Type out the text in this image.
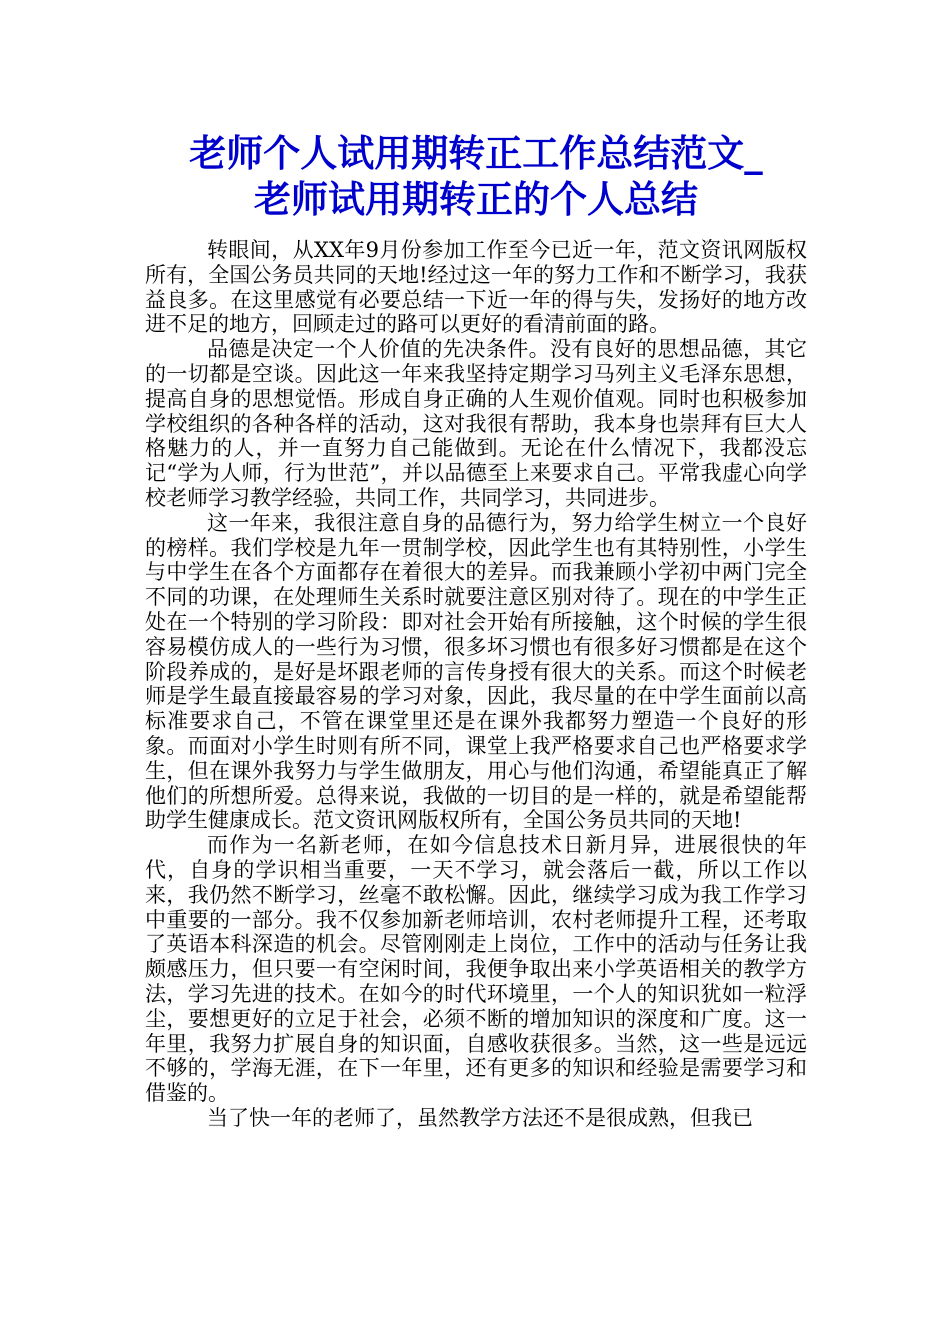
老师个人试用期转正工作总结范文_
老师试用期转正的个人总结

转眼间，从XX年9月份参加工作至今已近一年，范文资讯网版权所有，全国公务员共同的天地!经过这一年的努力工作和不断学习，我获益良多。在这里感觉有必要总结一下近一年的得与失，发扬好的地方改进不足的地方，回顾走过的路可以更好的看清前面的路。

品德是决定一个人价值的先决条件。没有良好的思想品德，其它的一切都是空谈。因此这一年来我坚持定期学习马列主义毛泽东思想，提高自身的思想觉悟。形成自身正确的人生观价值观。同时也积极参加学校组织的各种各样的活动，这对我很有帮助，我本身也崇拜有巨大人格魅力的人，并一直努力自己能做到。无论在什么情况下，我都没忘记“学为人师，行为世范”，并以品德至上来要求自己。平常我虚心向学校老师学习教学经验，共同工作，共同学习，共同进步。

这一年来，我很注意自身的品德行为，努力给学生树立一个良好的榜样。我们学校是九年一贯制学校，因此学生也有其特别性，小学生与中学生在各个方面都存在着很大的差异。而我兼顾小学初中两门完全不同的功课，在处理师生关系时就要注意区别对待了。现在的中学生正处在一个特别的学习阶段：即对社会开始有所接触，这个时候的学生很容易模仿成人的一些行为习惯，很多坏习惯也有很多好习惯都是在这个阶段养成的，是好是坏跟老师的言传身授有很大的关系。而这个时候老师是学生最直接最容易的学习对象，因此，我尽量的在中学生面前以高标准要求自己，不管在课堂里还是在课外我都努力塑造一个良好的形象。而面对小学生时则有所不同，课堂上我严格要求自己也严格要求学生，但在课外我努力与学生做朋友，用心与他们沟通，希望能真正了解他们的所想所爱。总得来说，我做的一切目的是一样的，就是希望能帮助学生健康成长。范文资讯网版权所有，全国公务员共同的天地!

而作为一名新老师，在如今信息技术日新月异，进展很快的年代，自身的学识相当重要，一天不学习，就会落后一截，所以工作以来，我仍然不断学习，丝毫不敢松懈。因此，继续学习成为我工作学习中重要的一部分。我不仅参加新老师培训，农村老师提升工程，还考取了英语本科深造的机会。尽管刚刚走上岗位，工作中的活动与任务让我颇感压力，但只要一有空闲时间，我便争取出来小学英语相关的教学方法，学习先进的技术。在如今的时代环境里，一个人的知识犹如一粒浮尘，要想更好的立足于社会，必须不断的增加知识的深度和广度。这一年里，我努力扩展自身的知识面，自感收获很多。当然，这一些是远远不够的，学海无涯，在下一年里，还有更多的知识和经验是需要学习和借鉴的。

当了快一年的老师了，虽然教学方法还不是很成熟，但我已
